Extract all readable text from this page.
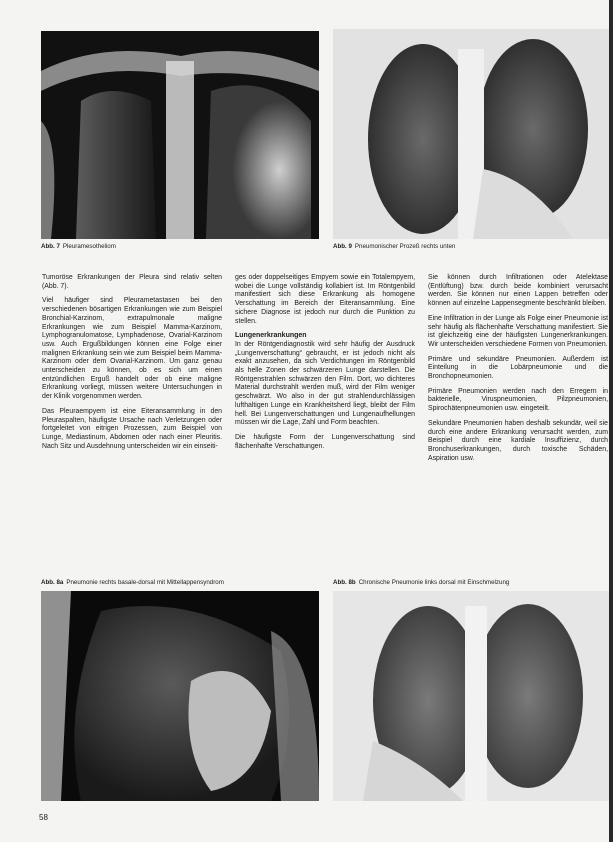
Abb. 7 Pleuramesotheliom	Abb. 9 Pneumonischer Prozeß rechts unten

Tumoröse Erkrankungen der Pleura sind relativ selten (Abb. 7).

Viel häufiger sind Pleurametastasen bei den verschiedenen bösartigen Erkrankungen wie zum Beispiel Bronchial-Karzinom, extrapulmonale maligne Erkrankungen wie zum Beispiel Mamma-Karzinom, Lymphogranulomatose, Lymphadenose, Ovarial-Karzinom usw. Auch Ergußbildungen können eine Folge einer malignen Erkrankung sein wie zum Beispiel beim Mamma-Karzinom oder dem Ovarial-Karzinom. Um ganz genau unterscheiden zu können, ob es sich um einen entzündlichen Erguß handelt oder ob eine maligne Erkrankung vorliegt, müssen weitere Untersuchungen in der Klinik vorgenommen werden.

Das Pleuraempyem ist eine Eiteransammlung in den Pleuraspalten, häufigste Ursache nach Verletzungen oder fortgeleitet von eitrigen Prozessen, zum Beispiel von Lunge, Mediastinum, Abdomen oder nach einer Pleuritis. Nach Sitz und Ausdehnung unterscheiden wir ein einseiti-

ges oder doppelseitiges Empyem sowie ein Totalempyem, wobei die Lunge vollständig kollabiert ist. Im Röntgenbild manifestiert sich diese Erkrankung als homogene Verschattung im Bereich der Eiteransammlung. Eine sichere Diagnose ist jedoch nur durch die Punktion zu stellen.

Lungenerkrankungen

In der Röntgendiagnostik wird sehr häufig der Ausdruck „Lungenverschattung“ gebraucht, er ist jedoch nicht als exakt anzusehen, da sich Verdichtungen im Röntgenbild als helle Zonen der schwärzeren Lunge darstellen. Die Röntgenstrahlen schwärzen den Film. Dort, wo dichteres Material durchstrahlt werden muß, wird der Film weniger geschwärzt. Wo also in der gut strahlendurchlässigen lufthaltigen Lunge ein Krankheitsherd liegt, bleibt der Film hell. Bei Lungenverschattungen und Lungenaufhellungen müssen wir die Lage, Zahl und Form beachten.

Die häufigste Form der Lungenverschattung sind flächenhafte Verschattungen.

Sie können durch Infiltrationen oder Atelektase (Entlüftung) bzw. durch beide kombiniert verursacht werden. Sie können nur einen Lappen betreffen oder können auf einzelne Lappensegmente beschränkt bleiben.

Eine Infiltration in der Lunge als Folge einer Pneumonie ist sehr häufig als flächenhafte Verschattung manifestiert. Sie ist gleichzeitig eine der häufigsten Lungenerkrankungen. Wir unterscheiden verschiedene Formen von Pneumonien.

Primäre und sekundäre Pneumonien. Außerdem ist Einteilung in die Lobärpneumonie und die Bronchopneumonien.

Primäre Pneumonien werden nach den Erregern in bakterielle, Viruspneumonien, Pilzpneumonien, Spirochätenpneumonien usw. eingeteilt.

Sekundäre Pneumonien haben deshalb sekundär, weil sie durch eine andere Erkrankung verursacht werden, zum Beispiel durch eine kardiale Insuffizienz, durch Bronchuserkrankungen, durch toxische Schäden, Aspiration usw.

Abb. 8a Pneumonie rechts basale-dorsal mit Mittellappensyndrom	Abb. 8b Chronische Pneumonie links dorsal mit Einschmelzung
58
